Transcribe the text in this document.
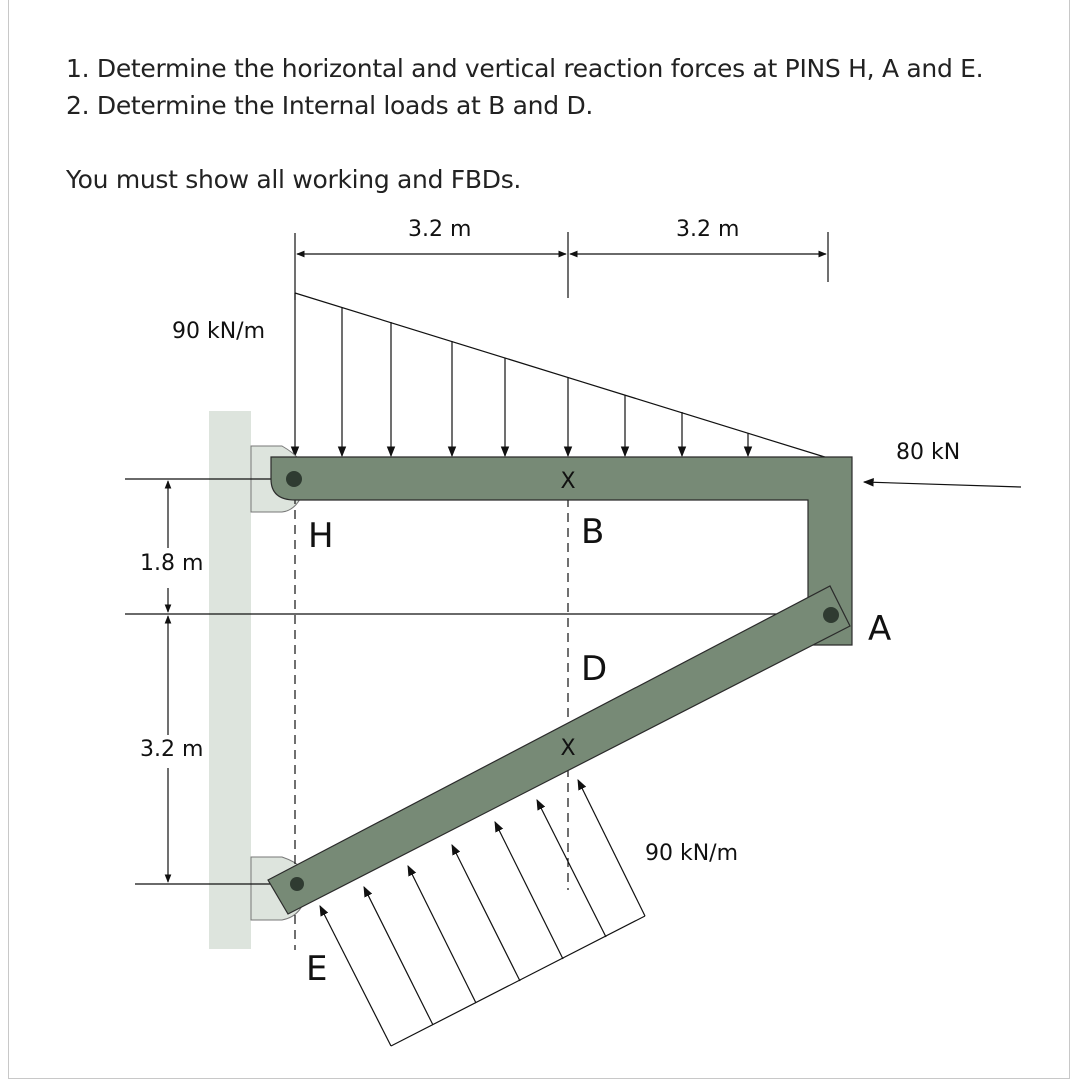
1. Determine the horizontal and vertical reaction forces at PINS H, A and E.
2. Determine the Internal loads at B and D.
You must show all working and FBDs.
3.2 m	3.2 m
90 kN/m
1.8 m
3.2 m
X
X
80 kN
90 kN/m
H	B
A
D
E
